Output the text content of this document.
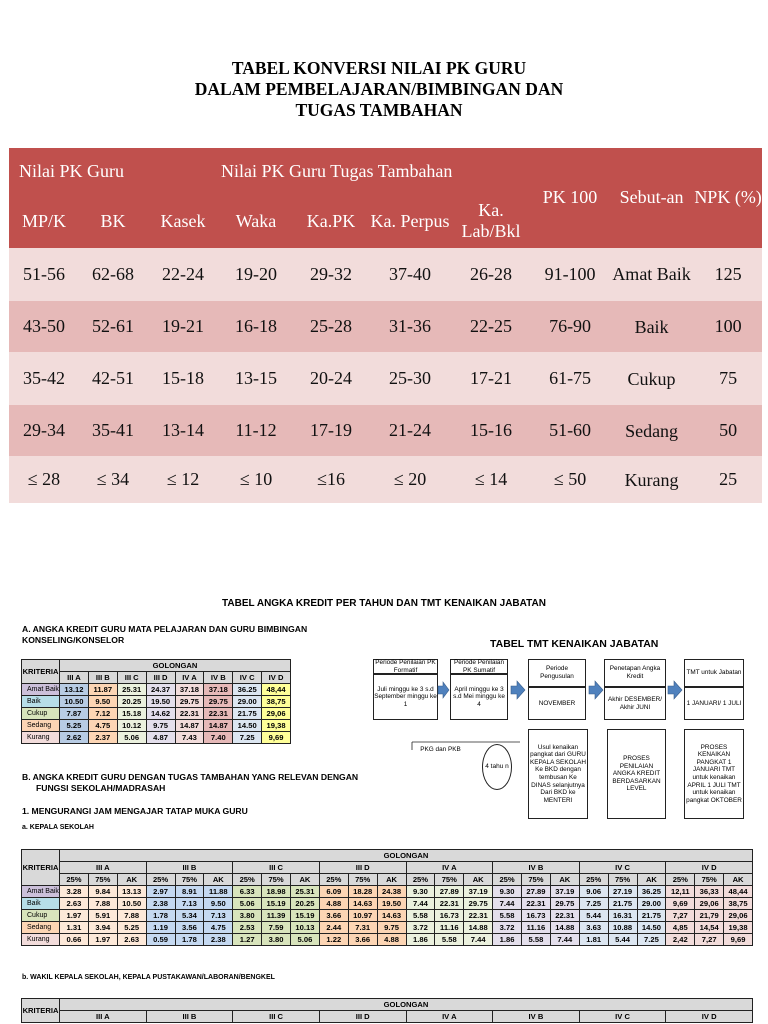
TABEL KONVERSI NILAI PK GURU
DALAM PEMBELAJARAN/BIMBINGAN DAN
TUGAS TAMBAHAN
Nilai PK Guru			Nilai PK Guru Tugas Tambahan				PK 100	Sebut-an	NPK (%)
MP/K	BK	Kasek	Waka	Ka.PK	Ka. Perpus	Ka. Lab/Bkl			
51-56	62-68	22-24	19-20	29-32	37-40	26-28	91-100	Amat Baik	125
43-50	52-61	19-21	16-18	25-28	31-36	22-25	76-90	Baik	100
35-42	42-51	15-18	13-15	20-24	25-30	17-21	61-75	Cukup	75
29-34	35-41	13-14	11-12	17-19	21-24	15-16	51-60	Sedang	50
≤ 28	≤ 34	≤ 12	≤ 10	≤16	≤ 20	≤ 14	≤ 50	Kurang	25
TABEL ANGKA KREDIT PER TAHUN DAN TMT KENAIKAN JABATAN
A. ANGKA KREDIT GURU MATA PELAJARAN DAN GURU BIMBINGAN
KONSELING/KONSELOR
KRITERIA	GOLONGAN							
	III A	III B	III C	III D	IV A	IV B	IV C	IV D
Amat Baik	13.12	11.87	25.31	24.37	37.18	37.18	36.25	48,44
Baik	10.50	9.50	20.25	19.50	29.75	29.75	29.00	38,75
Cukup	7.87	7.12	15.18	14.62	22.31	22.31	21.75	29,06
Sedang	5.25	4.75	10.12	9.75	14.87	14.87	14.50	19,38
Kurang	2.62	2.37	5.06	4.87	7.43	7.40	7.25	9,69
B. ANGKA KREDIT GURU DENGAN TUGAS TAMBAHAN YANG RELEVAN DENGAN
FUNGSI SEKOLAH/MADRASAH
1. MENGURANGI JAM MENGAJAR TATAP MUKA GURU
a. KEPALA SEKOLAH
KRITERIA	GOLONGAN																							
	III A			III B			III C			III D			IV A			IV B			IV C			IV D		
	25%	75%	AK	25%	75%	AK	25%	75%	AK	25%	75%	AK	25%	75%	AK	25%	75%	AK	25%	75%	AK	25%	75%	AK
Amat Baik	3.28	9.84	13.13	2.97	8.91	11.88	6.33	18.98	25.31	6.09	18.28	24.38	9.30	27.89	37.19	9.30	27.89	37.19	9.06	27.19	36.25	12,11	36,33	48,44
Baik	2.63	7.88	10.50	2.38	7.13	9.50	5.06	15.19	20.25	4.88	14.63	19.50	7.44	22.31	29.75	7.44	22.31	29.75	7.25	21.75	29.00	9,69	29,06	38,75
Cukup	1.97	5.91	7.88	1.78	5.34	7.13	3.80	11.39	15.19	3.66	10.97	14.63	5.58	16.73	22.31	5.58	16.73	22.31	5.44	16.31	21.75	7,27	21,79	29,06
Sedang	1.31	3.94	5.25	1.19	3.56	4.75	2.53	7.59	10.13	2.44	7.31	9.75	3.72	11.16	14.88	3.72	11.16	14.88	3.63	10.88	14.50	4,85	14,54	19,38
Kurang	0.66	1.97	2.63	0.59	1.78	2.38	1.27	3.80	5.06	1.22	3.66	4.88	1.86	5.58	7.44	1.86	5.58	7.44	1.81	5.44	7.25	2,42	7,27	9,69
b. WAKIL KEPALA SEKOLAH, KEPALA PUSTAKAWAN/LABORAN/BENGKEL
KRITERIA	GOLONGAN							
	III A	III B	III C	III D	IV A	IV B	IV C	IV D
TABEL TMT KENAIKAN JABATAN
Periode Penilaian PK Formatif
Juli minggu ke 3 s.d September minggu ke 1
Periode Penilaian PK Sumatif
April minggu ke 3 s.d Mei minggu ke 4
Periode Pengusulan
NOVEMBER
Penetapan Angka Kredit
Akhir DESEMBER/ Akhir JUNI
TMT untuk Jabatan
1 JANUARI/ 1 JULI
PKG dan PKB
4 tahu n
Usul kenaikan pangkat dari GURU KEPALA SEKOLAH Ke BKD dengan tembusan Ke DINAS selanjutnya Dari BKD ke MENTERI
PROSES PENILAIAN ANGKA KREDIT BERDASARKAN LEVEL
PROSES KENAIKAN PANGKAT 1 JANUARI TMT untuk kenaikan APRIL 1 JULI TMT untuk kenaikan pangkat OKTOBER
